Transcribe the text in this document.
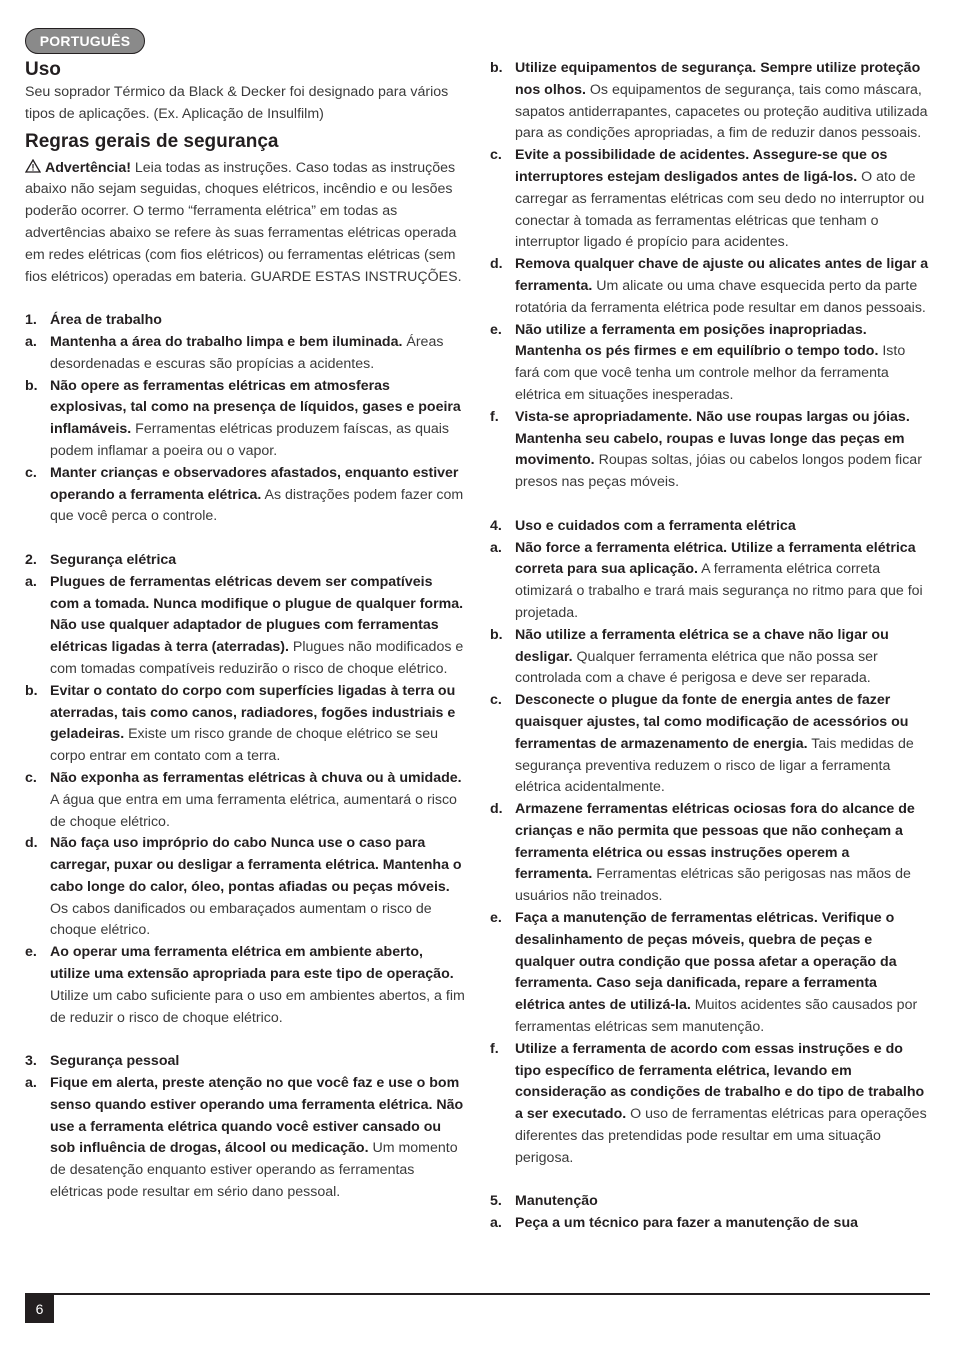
PORTUGUÊS
Uso

Seu soprador Térmico da Black & Decker foi designado para vários tipos de aplicações. (Ex. Aplicação de Insulfilm)

Regras gerais de segurança

Advertência! Leia todas as instruções. Caso todas as instruções abaixo não sejam seguidas, choques elétricos, incêndio e ou lesões poderão ocorrer. O termo “ferramenta elétrica” em todas as advertências abaixo se refere às suas ferramentas elétricas operada em redes elétricas (com fios elétricos) ou ferramentas elétricas (sem fios elétricos) operadas em bateria. GUARDE ESTAS INSTRUÇÕES.

1. Área de trabalho
a. Mantenha a área do trabalho limpa e bem iluminada. Áreas desordenadas e escuras são propícias a acidentes.
b. Não opere as ferramentas elétricas em atmosferas explosivas, tal como na presença de líquidos, gases e poeira inflamáveis. Ferramentas elétricas produzem faíscas, as quais podem inflamar a poeira ou o vapor.
c. Manter crianças e observadores afastados, enquanto estiver operando a ferramenta elétrica. As distrações podem fazer com que você perca o controle.
2. Segurança elétrica
a. Plugues de ferramentas elétricas devem ser compatíveis com a tomada. Nunca modifique o plugue de qualquer forma. Não use qualquer adaptador de plugues com ferramentas elétricas ligadas à terra (aterradas). Plugues não modificados e com tomadas compatíveis reduzirão o risco de choque elétrico.
b. Evitar o contato do corpo com superfícies ligadas à terra ou aterradas, tais como canos, radiadores, fogões industriais e geladeiras. Existe um risco grande de choque elétrico se seu corpo entrar em contato com a terra.
c. Não exponha as ferramentas elétricas à chuva ou à umidade. A água que entra em uma ferramenta elétrica, aumentará o risco de choque elétrico.
d. Não faça uso impróprio do cabo Nunca use o caso para carregar, puxar ou desligar a ferramenta elétrica. Mantenha o cabo longe do calor, óleo, pontas afiadas ou peças móveis. Os cabos danificados ou embaraçados aumentam o risco de choque elétrico.
e. Ao operar uma ferramenta elétrica em ambiente aberto, utilize uma extensão apropriada para este tipo de operação. Utilize um cabo suficiente para o uso em ambientes abertos, a fim de reduzir o risco de choque elétrico.
3. Segurança pessoal
a. Fique em alerta, preste atenção no que você faz e use o bom senso quando estiver operando uma ferramenta elétrica. Não use a ferramenta elétrica quando você estiver cansado ou sob influência de drogas, álcool ou medicação. Um momento de desatenção enquanto estiver operando as ferramentas elétricas pode resultar em sério dano pessoal.
b. Utilize equipamentos de segurança. Sempre utilize proteção nos olhos. Os equipamentos de segurança, tais como máscara, sapatos antiderrapantes, capacetes ou proteção auditiva utilizada para as condições apropriadas, a fim de reduzir danos pessoais.
c. Evite a possibilidade de acidentes. Assegure-se que os interruptores estejam desligados antes de ligá-los. O ato de carregar as ferramentas elétricas com seu dedo no interruptor ou conectar à tomada as ferramentas elétricas que tenham o interruptor ligado é propício para acidentes.
d. Remova qualquer chave de ajuste ou alicates antes de ligar a ferramenta. Um alicate ou uma chave esquecida perto da parte rotatória da ferramenta elétrica pode resultar em danos pessoais.
e. Não utilize a ferramenta em posições inapropriadas. Mantenha os pés firmes e em equilíbrio o tempo todo. Isto fará com que você tenha um controle melhor da ferramenta elétrica em situações inesperadas.
f.	Vista-se apropriadamente. Não use roupas largas ou jóias. Mantenha seu cabelo, roupas e luvas longe das peças em movimento. Roupas soltas, jóias ou cabelos longos podem ficar presos nas peças móveis.
4. Uso e cuidados com a ferramenta elétrica
a. Não force a ferramenta elétrica. Utilize a ferramenta elétrica correta para sua aplicação. A ferramenta elétrica correta otimizará o trabalho e trará mais segurança no ritmo para que foi projetada.
b. Não utilize a ferramenta elétrica se a chave não ligar ou desligar. Qualquer ferramenta elétrica que não possa ser controlada com a chave é perigosa e deve ser reparada.
c. Desconecte o plugue da fonte de energia antes de fazer quaisquer ajustes, tal como modificação de acessórios ou ferramentas de armazenamento de energia. Tais medidas de segurança preventiva reduzem o risco de ligar a ferramenta elétrica acidentalmente.
d. Armazene ferramentas elétricas ociosas fora do alcance de crianças e não permita que pessoas que não conheçam a ferramenta elétrica ou essas instruções operem a ferramenta. Ferramentas elétricas são perigosas nas mãos de usuários não treinados.
e. Faça a manutenção de ferramentas elétricas. Verifique o desalinhamento de peças móveis, quebra de peças e qualquer outra condição que possa afetar a operação da ferramenta. Caso seja danificada, repare a ferramenta elétrica antes de utilizá-la. Muitos acidentes são causados por ferramentas elétricas sem manutenção.
f.	Utilize a ferramenta de acordo com essas instruções e do tipo específico de ferramenta elétrica, levando em consideração as condições de trabalho e do tipo de trabalho a ser executado. O uso de ferramentas elétricas para operações diferentes das pretendidas pode resultar em uma situação perigosa.
5. Manutenção
a. Peça a um técnico para fazer a manutenção de sua
6
